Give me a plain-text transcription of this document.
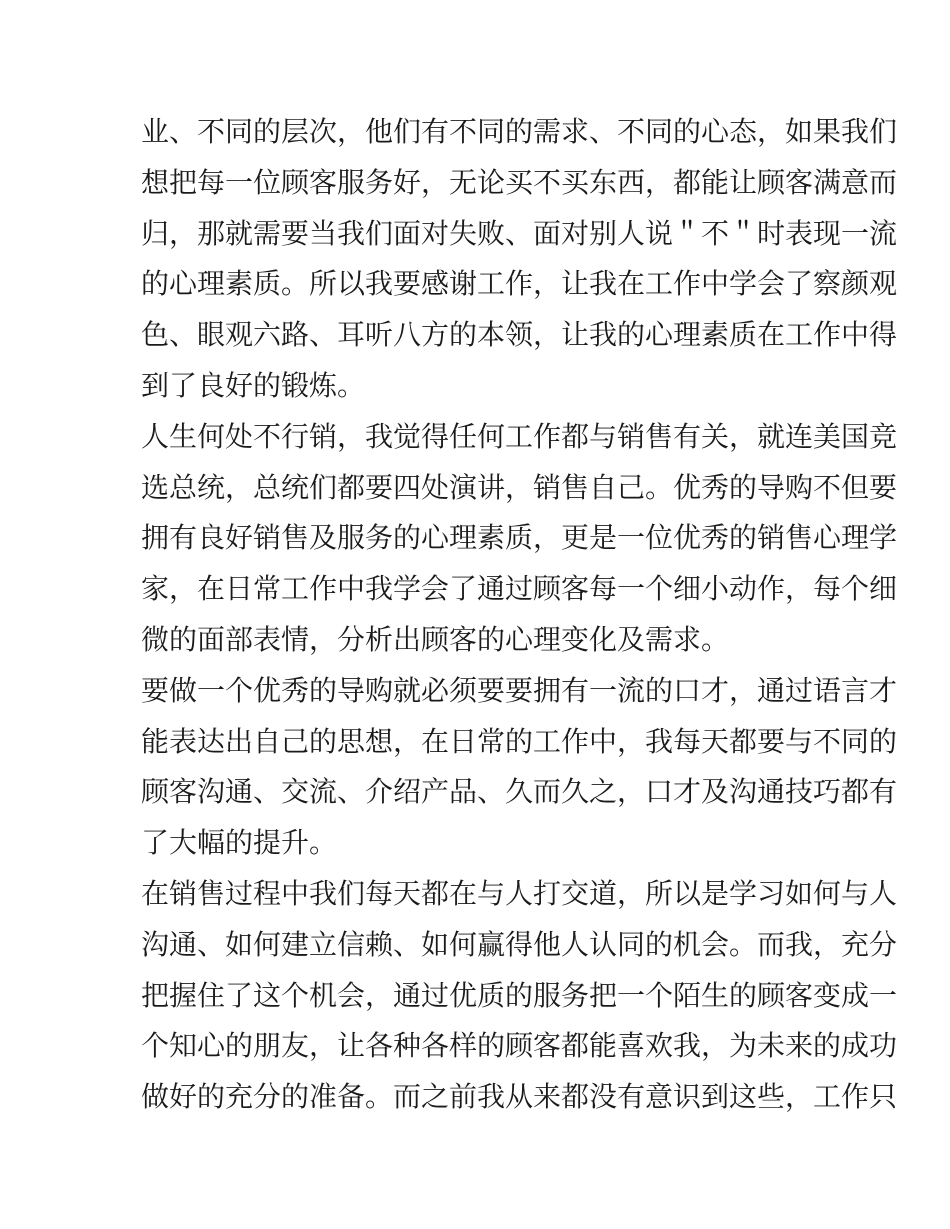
业、不同的层次，他们有不同的需求、不同的心态，如果我们
想把每一位顾客服务好，无论买不买东西，都能让顾客满意而
归，那就需要当我们面对失败、面对别人说＂不＂时表现一流
的心理素质。所以我要感谢工作，让我在工作中学会了察颜观
色、眼观六路、耳听八方的本领，让我的心理素质在工作中得
到了良好的锻炼。
人生何处不行销，我觉得任何工作都与销售有关，就连美国竞
选总统，总统们都要四处演讲，销售自己。优秀的导购不但要
拥有良好销售及服务的心理素质，更是一位优秀的销售心理学
家，在日常工作中我学会了通过顾客每一个细小动作，每个细
微的面部表情，分析出顾客的心理变化及需求。
要做一个优秀的导购就必须要要拥有一流的口才，通过语言才
能表达出自己的思想，在日常的工作中，我每天都要与不同的
顾客沟通、交流、介绍产品、久而久之，口才及沟通技巧都有
了大幅的提升。
在销售过程中我们每天都在与人打交道，所以是学习如何与人
沟通、如何建立信赖、如何赢得他人认同的机会。而我，充分
把握住了这个机会，通过优质的服务把一个陌生的顾客变成一
个知心的朋友，让各种各样的顾客都能喜欢我，为未来的成功
做好的充分的准备。而之前我从来都没有意识到这些，工作只
